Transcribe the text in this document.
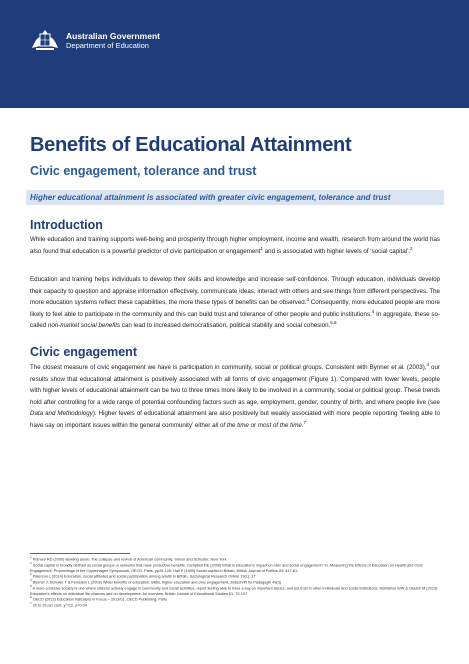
Australian Government
Department of Education
Benefits of Educational Attainment
Civic engagement, tolerance and trust
Higher educational attainment is associated with greater civic engagement, tolerance and trust
Introduction

While education and training supports well-being and prosperity through higher employment, income and wealth, research from around the world has also found that education is a powerful predictor of civic participation or engagement$^1$ and is associated with higher levels of ‘social capital’.$^2$

Education and training helps individuals to develop their skills and knowledge and increase self-confidence. Through education, individuals develop their capacity to question and appraise information effectively, communicate ideas, interact with others and see things from different perspectives. The more education systems reflect these capabilities, the more these types of benefits can be observed.$^3$ Consequently, more educated people are more likely to feel able to participate in the community and this can build trust and tolerance of other people and public institutions.$^4$ In aggregate, these so-called non-market social benefits can lead to increased democratisation, political stability and social cohesion.$^{5,6}$

Civic engagement

The closest measure of civic engagement we have is participation in community, social or political groups. Consistent with Bynner et al. (2003),$^4$ our results show that educational attainment is positively associated with all forms of civic engagement (Figure 1). Compared with lower levels, people with higher levels of educational attainment can be two to three times more likely to be involved in a community, social or political group. These trends hold after controlling for a wide range of potential confounding factors such as age, employment, gender, country of birth, and where people live (see Data and Methodology). Higher levels of educational attainment are also positively but weakly associated with more people reporting ‘feeling able to have say on important issues within the general community’ either all of the time or most of the time.$^7$

$^1$ Putnam RD (2000) Bowling alone: The collapse and revival of American community, Simon and Schuster, New York
$^2$ Social capital is broadly defined as social groups or networks that have productive benefits. Campbell DE (2006) What is education’s impact on civic and social engagement? In, Measuring the Effects of Education on Health and Civic Engagement: Proceedings of the Copenhagen Symposium, OECD, Paris, pp25-126; Hall P (1999) Social capital in Britain, British Journal of Politics 29: 417-61.
$^3$ Paterson L (2014) Education, social attitudes and social participation among adults in Britain, Sociological Research Online 19(1): 17
$^4$ Bynner J, Schuller T & Feinstein L (2003) Wider benefits of education: Skills, higher education and civic engagement, Zeitschrift fur Padagogik 49(3)
$^5$ A more cohesive society is one where citizens actively engage in community and social activities, report feeling able to have a say on important issues, and put trust in other individuals and social institutions. McMahon WW & Oketch M (2013) Education’s effects on individual life chances and on development: An overview, British Journal of Educational Studies 61: 79-107
$^6$ OECD (2013) Education Indicators in Focus – 2013/01, OECD Publishing, Paris
$^7$ 20 to 29 per cent; χ²=12, p<0.04
